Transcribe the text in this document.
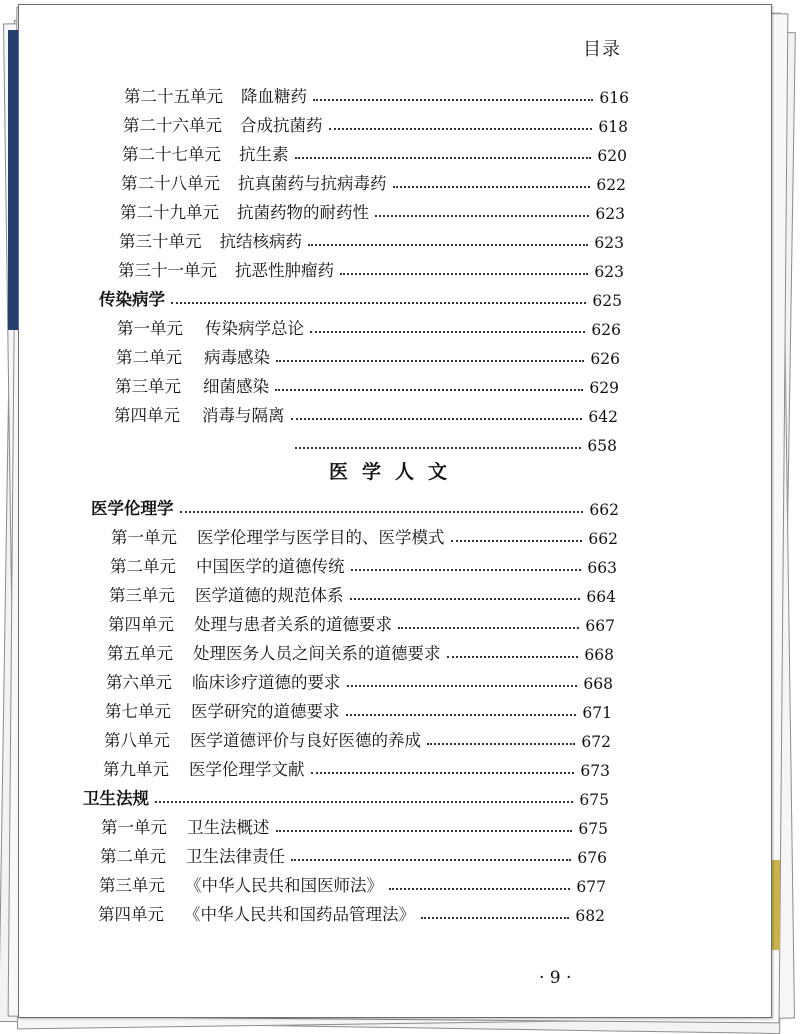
目录
第二十五单元 降血糖药	616
第二十六单元 合成抗菌药	618
第二十七单元 抗生素	620
第二十八单元 抗真菌药与抗病毒药	622
第二十九单元 抗菌药物的耐药性	623
第三十单元 抗结核病药	623
第三十一单元 抗恶性肿瘤药	623
传染病学	625
第一单元 传染病学总论	626
第二单元 病毒感染	626
第三单元 细菌感染	629
第四单元 消毒与隔离	642
658
医学人文
医学伦理学	662
第一单元 医学伦理学与医学目的、医学模式	662
第二单元 中国医学的道德传统	663
第三单元 医学道德的规范体系	664
第四单元 处理与患者关系的道德要求	667
第五单元 处理医务人员之间关系的道德要求	668
第六单元 临床诊疗道德的要求	668
第七单元 医学研究的道德要求	671
第八单元 医学道德评价与良好医德的养成	672
第九单元 医学伦理学文献	673
卫生法规	675
第一单元 卫生法概述	675
第二单元 卫生法律责任	676
第三单元 《中华人民共和国医师法》	677
第四单元 《中华人民共和国药品管理法》	682
· 9 ·
